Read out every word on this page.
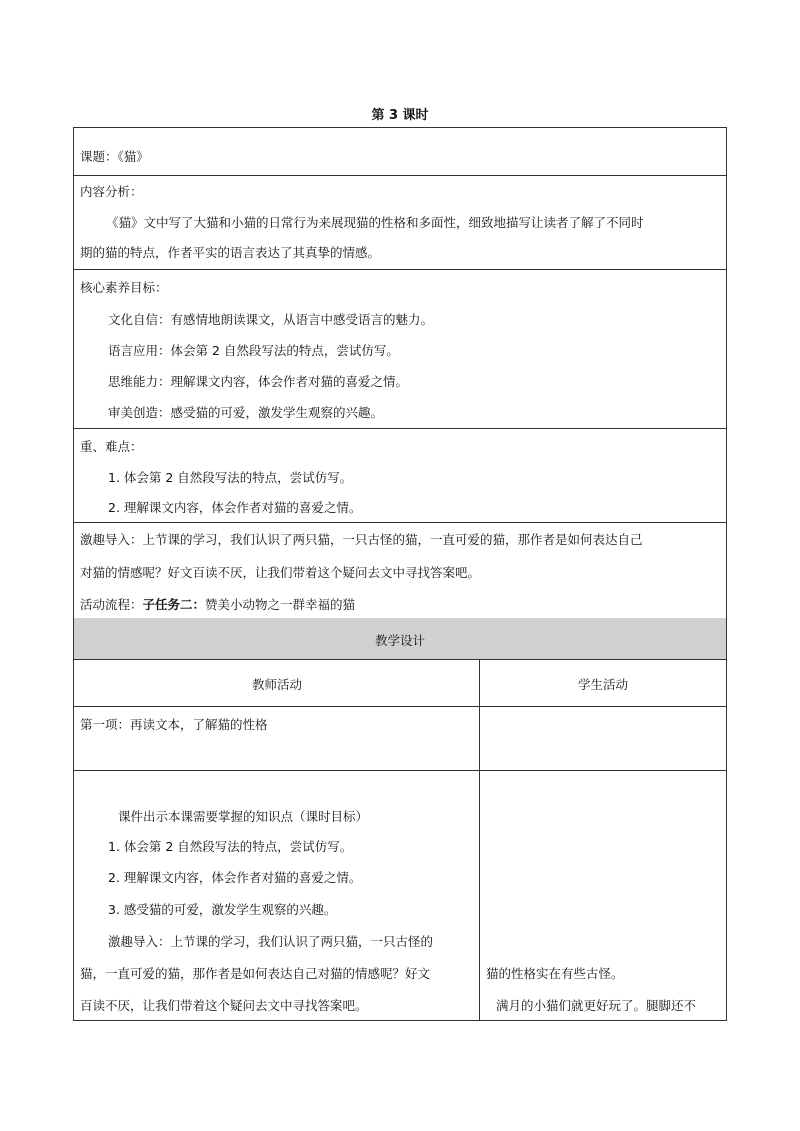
第 3 课时

课题：《猫》

内容分析：

《猫》文中写了大猫和小猫的日常行为来展现猫的性格和多面性，细致地描写让读者了解了不同时

期的猫的特点，作者平实的语言表达了其真挚的情感。

核心素养目标：

文化自信：有感情地朗读课文，从语言中感受语言的魅力。

语言应用：体会第 2 自然段写法的特点，尝试仿写。

思维能力：理解课文内容，体会作者对猫的喜爱之情。

审美创造：感受猫的可爱，激发学生观察的兴趣。

重、难点：

1. 体会第 2 自然段写法的特点，尝试仿写。

2. 理解课文内容，体会作者对猫的喜爱之情。

激趣导入：上节课的学习，我们认识了两只猫，一只古怪的猫，一直可爱的猫，那作者是如何表达自己

对猫的情感呢？好文百读不厌，让我们带着这个疑问去文中寻找答案吧。

活动流程：子任务二：赞美小动物之一群幸福的猫

教学设计

教师活动	学生活动

第一项：再读文本，了解猫的性格

课件出示本课需要掌握的知识点（课时目标）

1. 体会第 2 自然段写法的特点，尝试仿写。

2. 理解课文内容，体会作者对猫的喜爱之情。

3. 感受猫的可爱，激发学生观察的兴趣。

激趣导入：上节课的学习，我们认识了两只猫，一只古怪的

猫，一直可爱的猫，那作者是如何表达自己对猫的情感呢？好文

百读不厌，让我们带着这个疑问去文中寻找答案吧。

猫的性格实在有些古怪。

满月的小猫们就更好玩了。腿脚还不
